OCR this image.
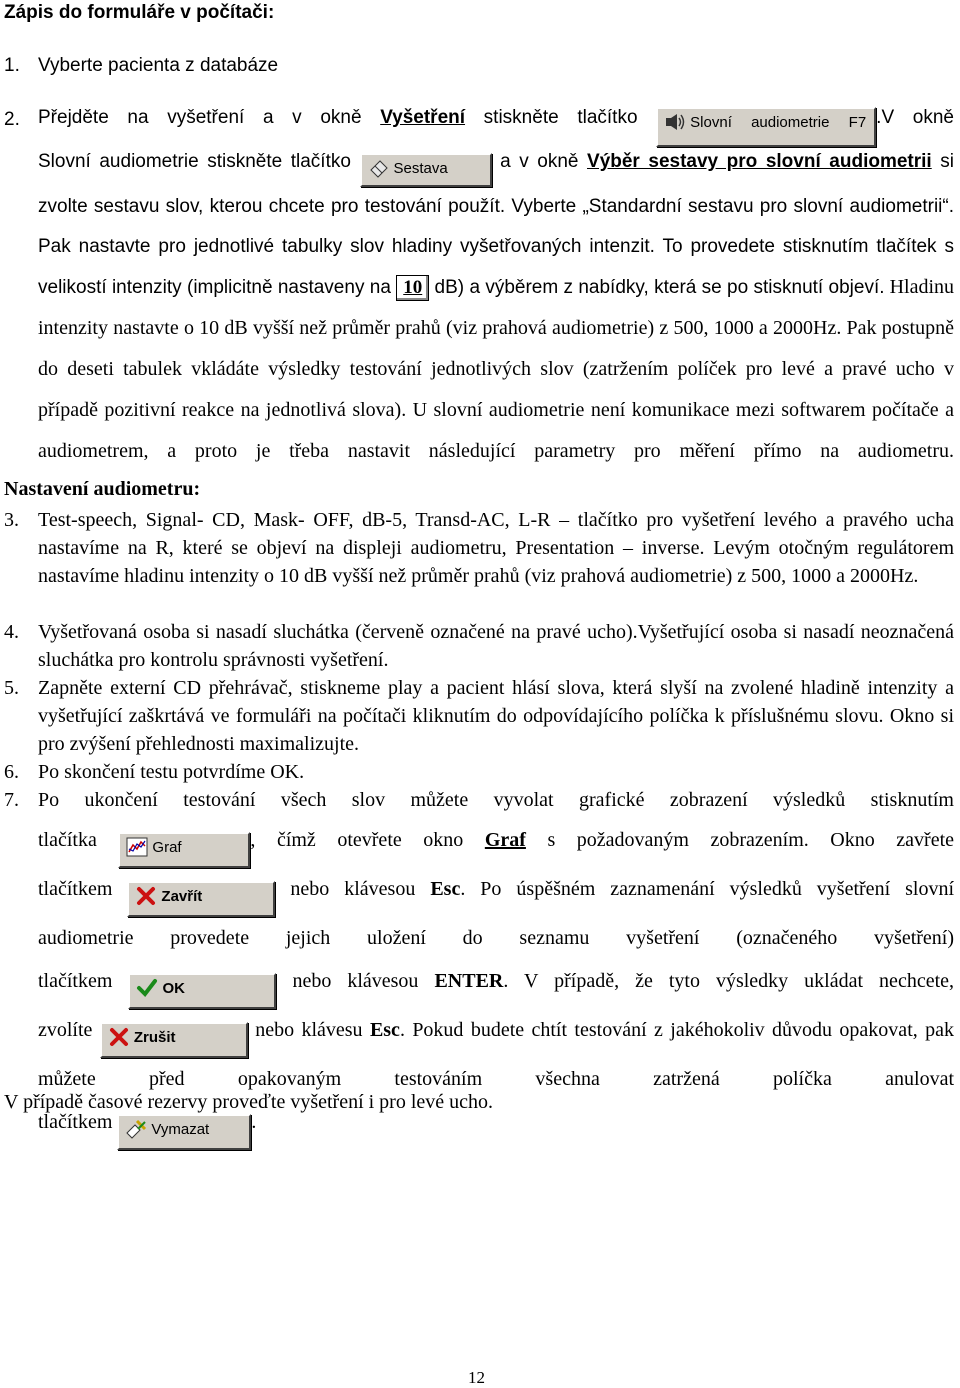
Zápis do formuláře v počítači:
1. Vyberte pacienta z databáze
2. Přejděte na vyšetření a v okně Vyšetření stiskněte tlačítko
Slovní audiometrie F7 .V okně

Slovní audiometrie stiskněte tlačítko
Sestava	a v okně Výběr sestavy pro slovní audiometrii si zvolte sestavu slov, kterou chcete pro testování použít. Vyberte „Standardní sestavu pro slovní audiometrii“. Pak nastavte pro jednotlivé tabulky slov hladiny vyšetřovaných intenzit. To provedete stisknutím tlačítek s velikostí intenzity (implicitně nastaveny na 10 dB) a výběrem z nabídky, která se po stisknutí objeví. Hladinu intenzity nastavte o 10 dB vyšší než průměr prahů (viz prahová audiometrie) z 500, 1000 a 2000Hz. Pak postupně do deseti tabulek vkládáte výsledky testování jednotlivých slov (zatržením políček pro levé a pravé ucho v případě pozitivní reakce na jednotlivá slova). U slovní audiometrie není komunikace mezi softwarem počítače a audiometrem, a proto je třeba nastavit následující parametry pro měření přímo na audiometru.

Nastavení audiometru:
3. Test-speech, Signal- CD, Mask- OFF, dB-5, Transd-AC, L-R – tlačítko pro vyšetření levého a pravého ucha nastavíme na R, které se objeví na displeji audiometru, Presentation – inverse. Levým otočným regulátorem nastavíme hladinu intenzity o 10 dB vyšší než průměr prahů (viz prahová audiometrie) z 500, 1000 a 2000Hz.
4. Vyšetřovaná osoba si nasadí sluchátka (červeně označené na pravé ucho).Vyšetřující osoba si nasadí neoznačená sluchátka pro kontrolu správnosti vyšetření.
5. Zapněte externí CD přehrávač, stiskneme play a pacient hlásí slova, která slyší na zvolené hladině intenzity a vyšetřující zaškrtává ve formuláři na počítači kliknutím do odpovídajícího políčka k příslušnému slovu. Okno si pro zvýšení přehlednosti maximalizujte.
6. Po skončení testu potvrdíme OK.
7. Po ukončení testování všech slov můžete vyvolat grafické zobrazení výsledků stisknutím

tlačítka
Graf	, čímž otevřete okno Graf s požadovaným zobrazením. Okno zavřete

tlačítkem
Zavřít	nebo klávesou Esc. Po úspěšném zaznamenání výsledků vyšetření slovní audiometrie provedete jejich uložení do seznamu vyšetření (označeného vyšetření)

tlačítkem
OK	nebo klávesou ENTER. V případě, že tyto výsledky ukládat nechcete,

zvolíte
Zrušit	nebo klávesu Esc. Pokud budete chtít testování z jakéhokoliv důvodu opakovat, pak můžete před opakovaným testováním všechna zatržená políčka anulovat

tlačítkem
Vymazat .

V případě časové rezervy proveďte vyšetření i pro levé ucho.
12
